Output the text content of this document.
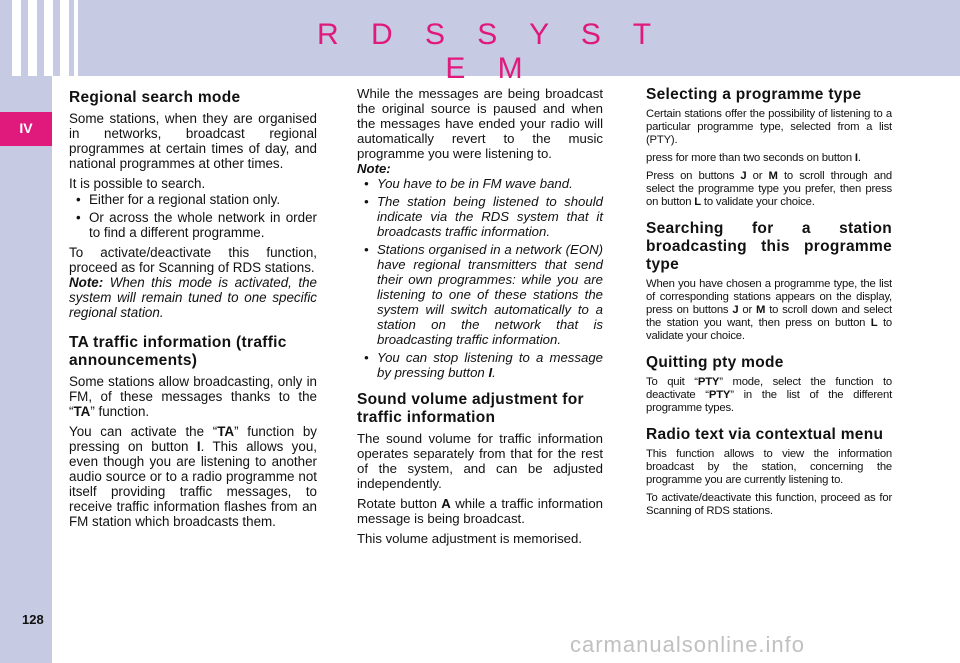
R D S S Y S T E M
IV
Regional search mode

Some stations, when they are organised in networks, broadcast regional programmes at certain times of day, and national programmes at other times.

It is possible to search.

• Either for a regional station only.
• Or across the whole network in order to find a different programme.

To activate/deactivate this function, proceed as for Scanning of RDS stations.

Note: When this mode is activated, the system will remain tuned to one specific regional station.

TA traffic information (traffic announcements)

Some stations allow broadcasting, only in FM, of these messages thanks to the “TA” function.

You can activate the “TA” function by pressing on button I. This allows you, even though you are listening to another audio source or to a radio programme not itself providing traffic messages, to receive traffic information flashes from an FM station which broadcasts them.

While the messages are being broadcast the original source is paused and when the messages have ended your radio will automatically revert to the music programme you were listening to.

Note:

• You have to be in FM wave band.
• The station being listened to should indicate via the RDS system that it broadcasts traffic information.
• Stations organised in a network (EON) have regional transmitters that send their own programmes: while you are listening to one of these stations the system will switch automatically to a station on the network that is broadcasting traffic information.
• You can stop listening to a message by pressing button I.
Sound volume adjustment for traffic information

The sound volume for traffic information operates separately from that for the rest of the system, and can be adjusted independently.

Rotate button A while a traffic information message is being broadcast.

This volume adjustment is memorised.

Selecting a programme type

Certain stations offer the possibility of listening to a particular programme type, selected from a list (PTY).

press for more than two seconds on button I.

Press on buttons J or M to scroll through and select the programme type you prefer, then press on button L to validate your choice.

Searching for a station broadcasting this programme type

When you have chosen a programme type, the list of corresponding stations appears on the display, press on buttons J or M to scroll down and select the station you want, then press on button L to validate your choice.

Quitting pty mode

To quit “PTY” mode, select the function to deactivate “PTY” in the list of the different programme types.

Radio text via contextual menu

This function allows to view the information broadcast by the station, concerning the programme you are currently listening to.

To activate/deactivate this function, proceed as for Scanning of RDS stations.

128
carmanualsonline.info
